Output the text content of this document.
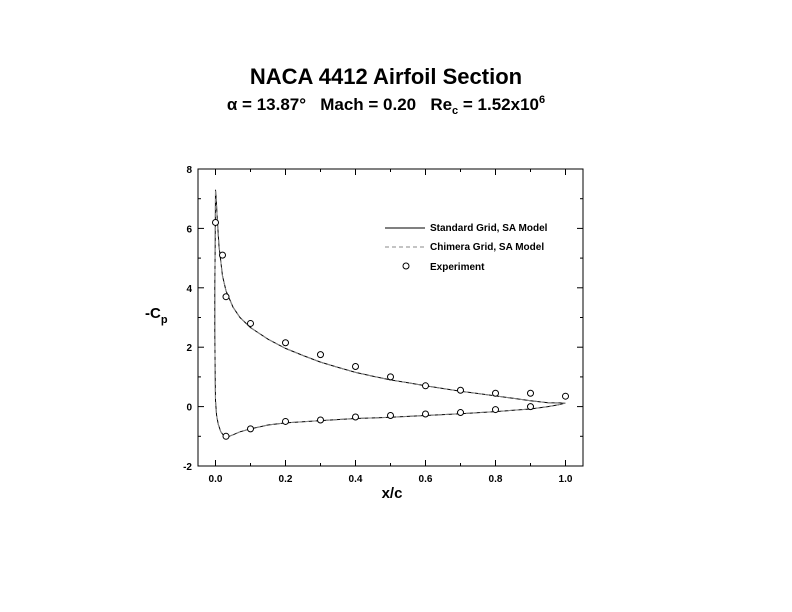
NACA 4412 Airfoil Section
α = 13.87° Mach = 0.20 $Re_c = 1.52x10^6$
0.0	0.2	0.4	0.6	0.8	1.0
-2
0
2
4
6
8
x/c
$-C_p$
Standard Grid, SA Model
Chimera Grid, SA Model
Experiment
